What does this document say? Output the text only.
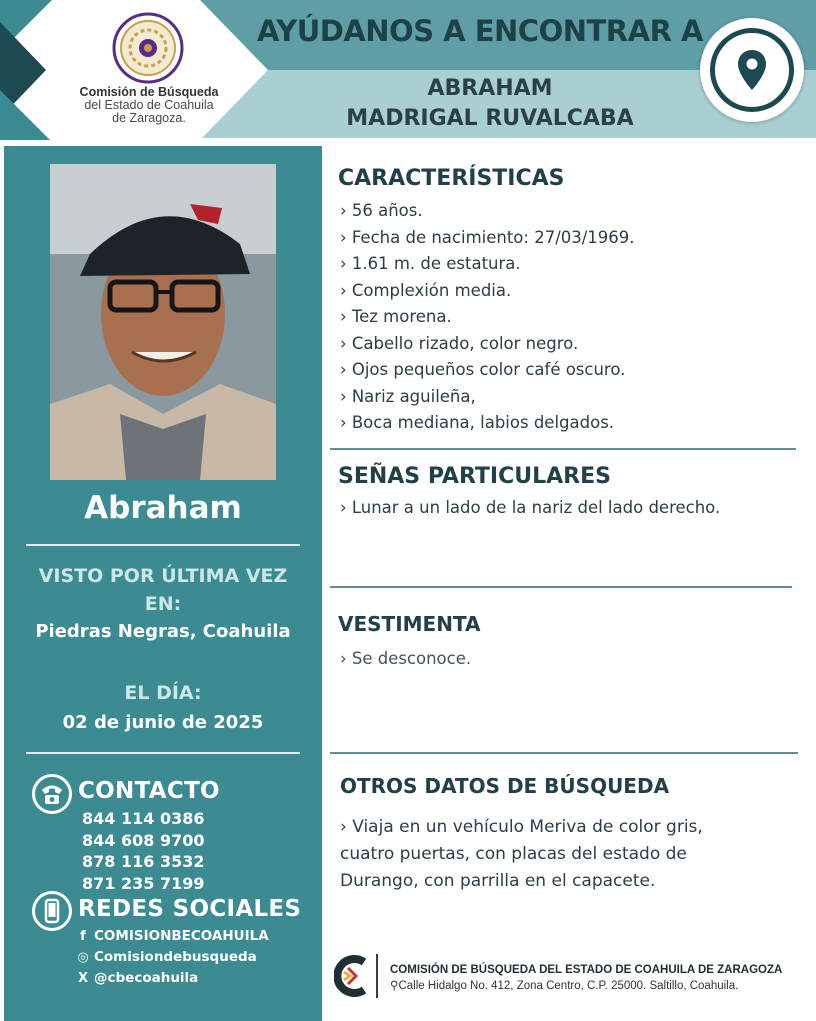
Comisión de Búsqueda
del Estado de Coahuila
de Zaragoza.
AYÚDANOS A ENCONTRAR A
ABRAHAM
MADRIGAL RUVALCABA
Abraham
VISTO POR ÚLTIMA VEZ
EN:
Piedras Negras, Coahuila
EL DÍA:
02 de junio de 2025
CONTACTO
844 114 0386
844 608 9700
878 116 3532
871 235 7199
REDES SOCIALES
f COMISIONBECOAHUILA
◎ Comisiondebusqueda
X @cbecoahuila
CARACTERÍSTICAS
› 56 años.
› Fecha de nacimiento: 27/03/1969.
› 1.61 m. de estatura.
› Complexión media.
› Tez morena.
› Cabello rizado, color negro.
› Ojos pequeños color café oscuro.
› Nariz aguileña,
› Boca mediana, labios delgados.
SEÑAS PARTICULARES
› Lunar a un lado de la nariz del lado derecho.
VESTIMENTA
› Se desconoce.
OTROS DATOS DE BÚSQUEDA
› Viaja en un vehículo Meriva de color gris,
cuatro puertas, con placas del estado de
Durango, con parrilla en el capacete.
COMISIÓN DE BÚSQUEDA DEL ESTADO DE COAHUILA DE ZARAGOZA
⚲Calle Hidalgo No. 412, Zona Centro, C.P. 25000. Saltillo, Coahuila.
